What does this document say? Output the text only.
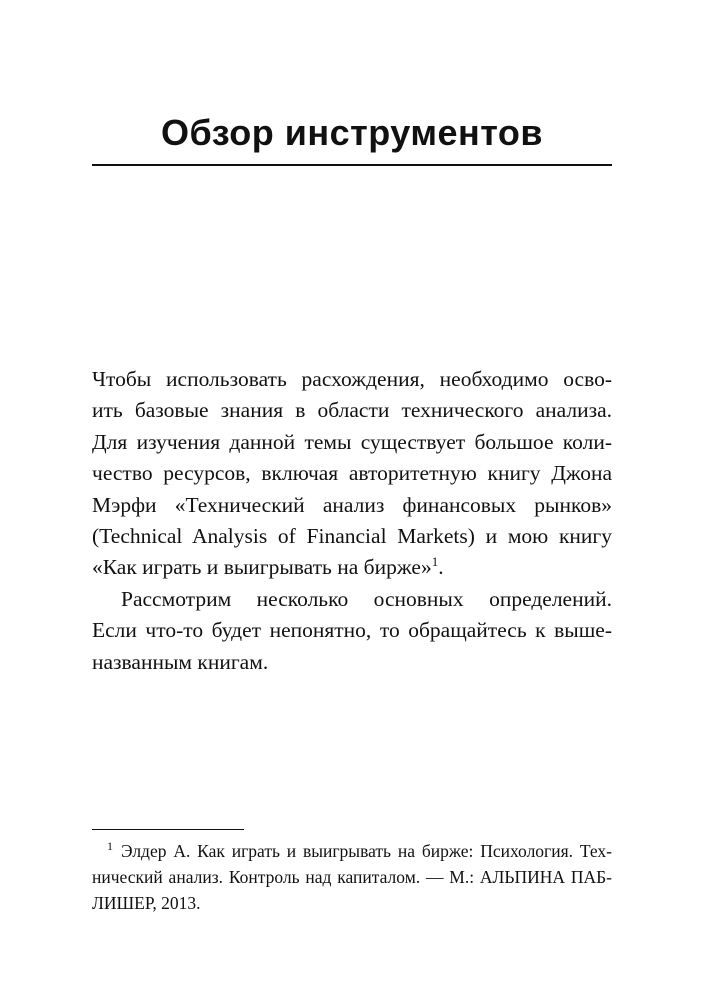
Обзор инструментов

Чтобы использовать расхождения, необходимо осво-
ить базовые знания в области технического анализа.
Для изучения данной темы существует большое коли-
чество ресурсов, включая авторитетную книгу Джона
Мэрфи «Технический анализ финансовых рынков»
(Technical Analysis of Financial Markets) и мою книгу
«Как играть и выигрывать на бирже»$^1$.

Рассмотрим несколько основных определений.
Если что-то будет непонятно, то обращайтесь к выше-
названным книгам.

$^1$ Элдер А. Как играть и выигрывать на бирже: Психология. Тех-
нический анализ. Контроль над капиталом. — М.: АЛЬПИНА ПАБ-
ЛИШЕР, 2013.
